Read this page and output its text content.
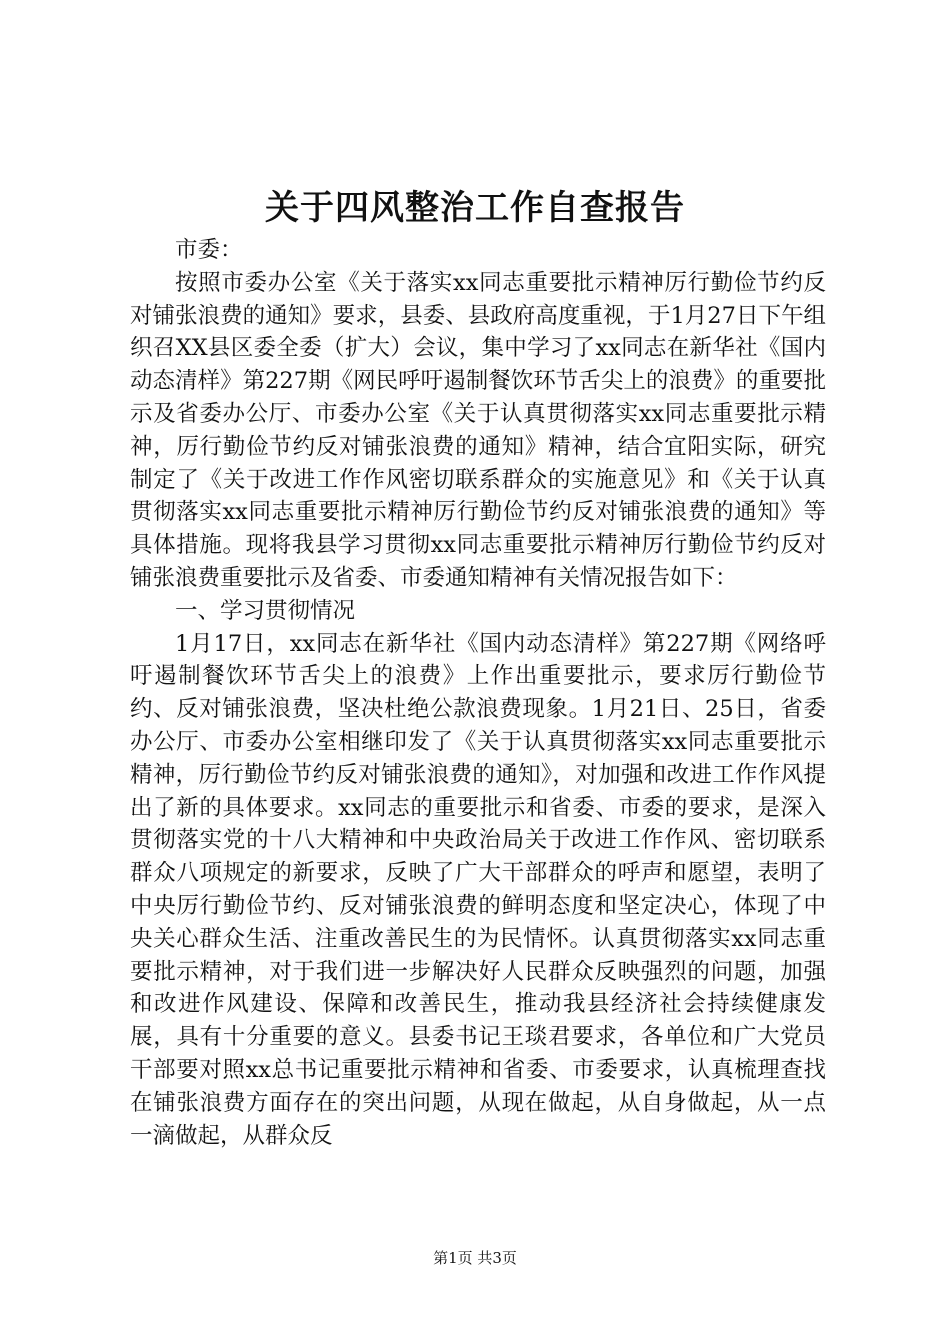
关于四风整治工作自查报告

市委：

按照市委办公室《关于落实xx同志重要批示精神厉行勤俭节约反对铺张浪费的通知》要求，县委、县政府高度重视，于1月27日下午组织召XX县区委全委（扩大）会议，集中学习了xx同志在新华社《国内动态清样》第227期《网民呼吁遏制餐饮环节舌尖上的浪费》的重要批示及省委办公厅、市委办公室《关于认真贯彻落实xx同志重要批示精神，厉行勤俭节约反对铺张浪费的通知》精神，结合宜阳实际，研究制定了《关于改进工作作风密切联系群众的实施意见》和《关于认真贯彻落实xx同志重要批示精神厉行勤俭节约反对铺张浪费的通知》等具体措施。现将我县学习贯彻xx同志重要批示精神厉行勤俭节约反对铺张浪费重要批示及省委、市委通知精神有关情况报告如下：

一、学习贯彻情况

1月17日，xx同志在新华社《国内动态清样》第227期《网络呼吁遏制餐饮环节舌尖上的浪费》上作出重要批示，要求厉行勤俭节约、反对铺张浪费，坚决杜绝公款浪费现象。1月21日、25日，省委办公厅、市委办公室相继印发了《关于认真贯彻落实xx同志重要批示精神，厉行勤俭节约反对铺张浪费的通知》，对加强和改进工作作风提出了新的具体要求。xx同志的重要批示和省委、市委的要求，是深入贯彻落实党的十八大精神和中央政治局关于改进工作作风、密切联系群众八项规定的新要求，反映了广大干部群众的呼声和愿望，表明了中央厉行勤俭节约、反对铺张浪费的鲜明态度和坚定决心，体现了中央关心群众生活、注重改善民生的为民情怀。认真贯彻落实xx同志重要批示精神，对于我们进一步解决好人民群众反映强烈的问题，加强和改进作风建设、保障和改善民生，推动我县经济社会持续健康发展，具有十分重要的意义。县委书记王琰君要求，各单位和广大党员干部要对照xx总书记重要批示精神和省委、市委要求，认真梳理查找在铺张浪费方面存在的突出问题，从现在做起，从自身做起，从一点一滴做起，从群众反

第1页 共3页
